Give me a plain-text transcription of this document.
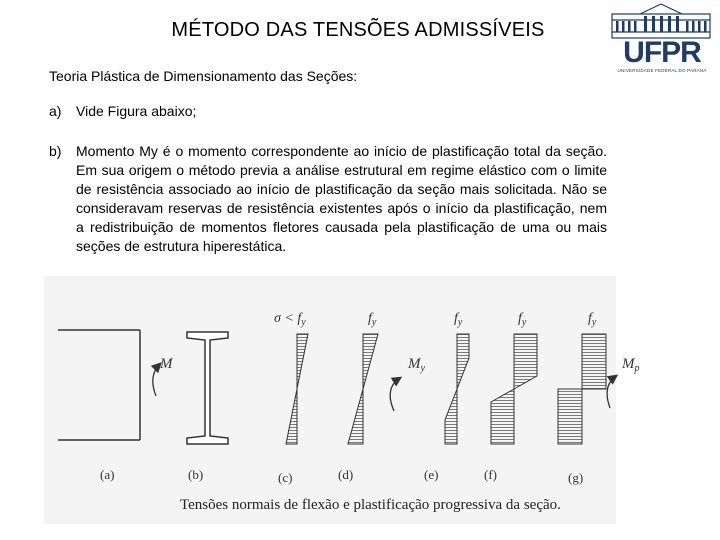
MÉTODO DAS TENSÕES ADMISSÍVEIS
UFPR
UNIVERSIDADE FEDERAL DO PARANÁ
Teoria Plástica de Dimensionamento das Seções:
a) Vide Figura abaixo;
b) Momento My é o momento correspondente ao início de plastificação total da seção. Em sua origem o método previa a análise estrutural em regime elástico com o limite de resistência associado ao início de plastificação da seção mais solicitada. Não se consideravam reservas de resistência existentes após o início da plastificação, nem a redistribuição de momentos fletores causada pela plastificação de uma ou mais seções de estrutura hiperestática.
M
$\sigma < f_y$	$f_y$
$M_y$
$f_y$	$f_y$	$f_y$
$M_p$
(a)	(b)	(c)	(d)	(e)	(f)	(g)
Tensões normais de flexão e plastificação progressiva da seção.
